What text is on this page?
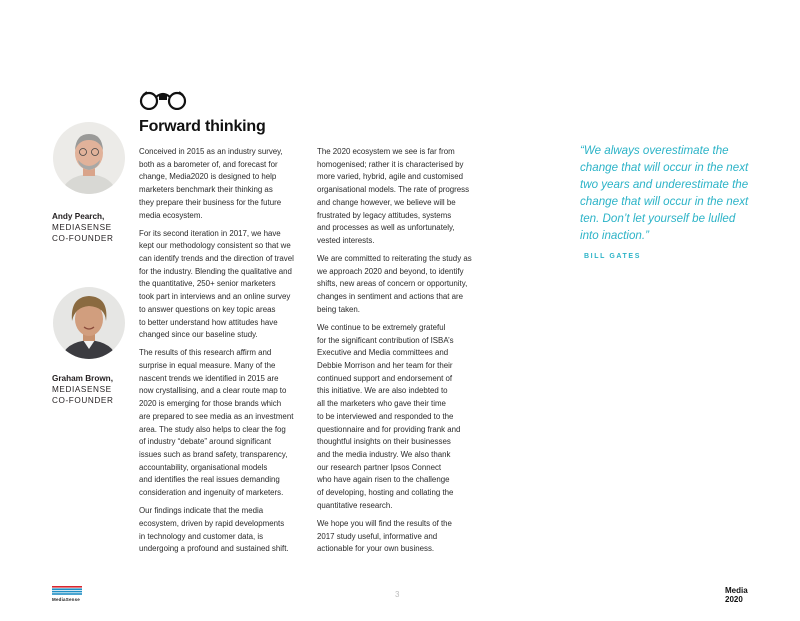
Forward thinking
Andy Pearch,
MEDIASENSE
CO-FOUNDER
Graham Brown,
MEDIASENSE
CO-FOUNDER

Conceived in 2015 as an industry survey,
both as a barometer of, and forecast for
change, Media2020 is designed to help
marketers benchmark their thinking as
they prepare their business for the future
media ecosystem.

For its second iteration in 2017, we have
kept our methodology consistent so that we
can identify trends and the direction of travel
for the industry. Blending the qualitative and
the quantitative, 250+ senior marketers
took part in interviews and an online survey
to answer questions on key topic areas
to better understand how attitudes have
changed since our baseline study.

The results of this research affirm and
surprise in equal measure. Many of the
nascent trends we identified in 2015 are
now crystallising, and a clear route map to
2020 is emerging for those brands which
are prepared to see media as an investment
area. The study also helps to clear the fog
of industry “debate” around significant
issues such as brand safety, transparency,
accountability, organisational models
and identifies the real issues demanding
consideration and ingenuity of marketers.

Our findings indicate that the media
ecosystem, driven by rapid developments
in technology and customer data, is
undergoing a profound and sustained shift.

The 2020 ecosystem we see is far from
homogenised; rather it is characterised by
more varied, hybrid, agile and customised
organisational models. The rate of progress
and change however, we believe will be
frustrated by legacy attitudes, systems
and processes as well as unfortunately,
vested interests.

We are committed to reiterating the study as
we approach 2020 and beyond, to identify
shifts, new areas of concern or opportunity,
changes in sentiment and actions that are
being taken.

We continue to be extremely grateful
for the significant contribution of ISBA’s
Executive and Media committees and
Debbie Morrison and her team for their
continued support and endorsement of
this initiative. We are also indebted to
all the marketers who gave their time
to be interviewed and responded to the
questionnaire and for providing frank and
thoughtful insights on their businesses
and the media industry. We also thank
our research partner Ipsos Connect
who have again risen to the challenge
of developing, hosting and collating the
quantitative research.

We hope you will find the results of the
2017 study useful, informative and
actionable for your own business.

“We always overestimate the
change that will occur in the next
two years and underestimate the
change that will occur in the next
ten. Don’t let yourself be lulled
into inaction.”
BILL GATES
MediaSense
3	Media
2020
